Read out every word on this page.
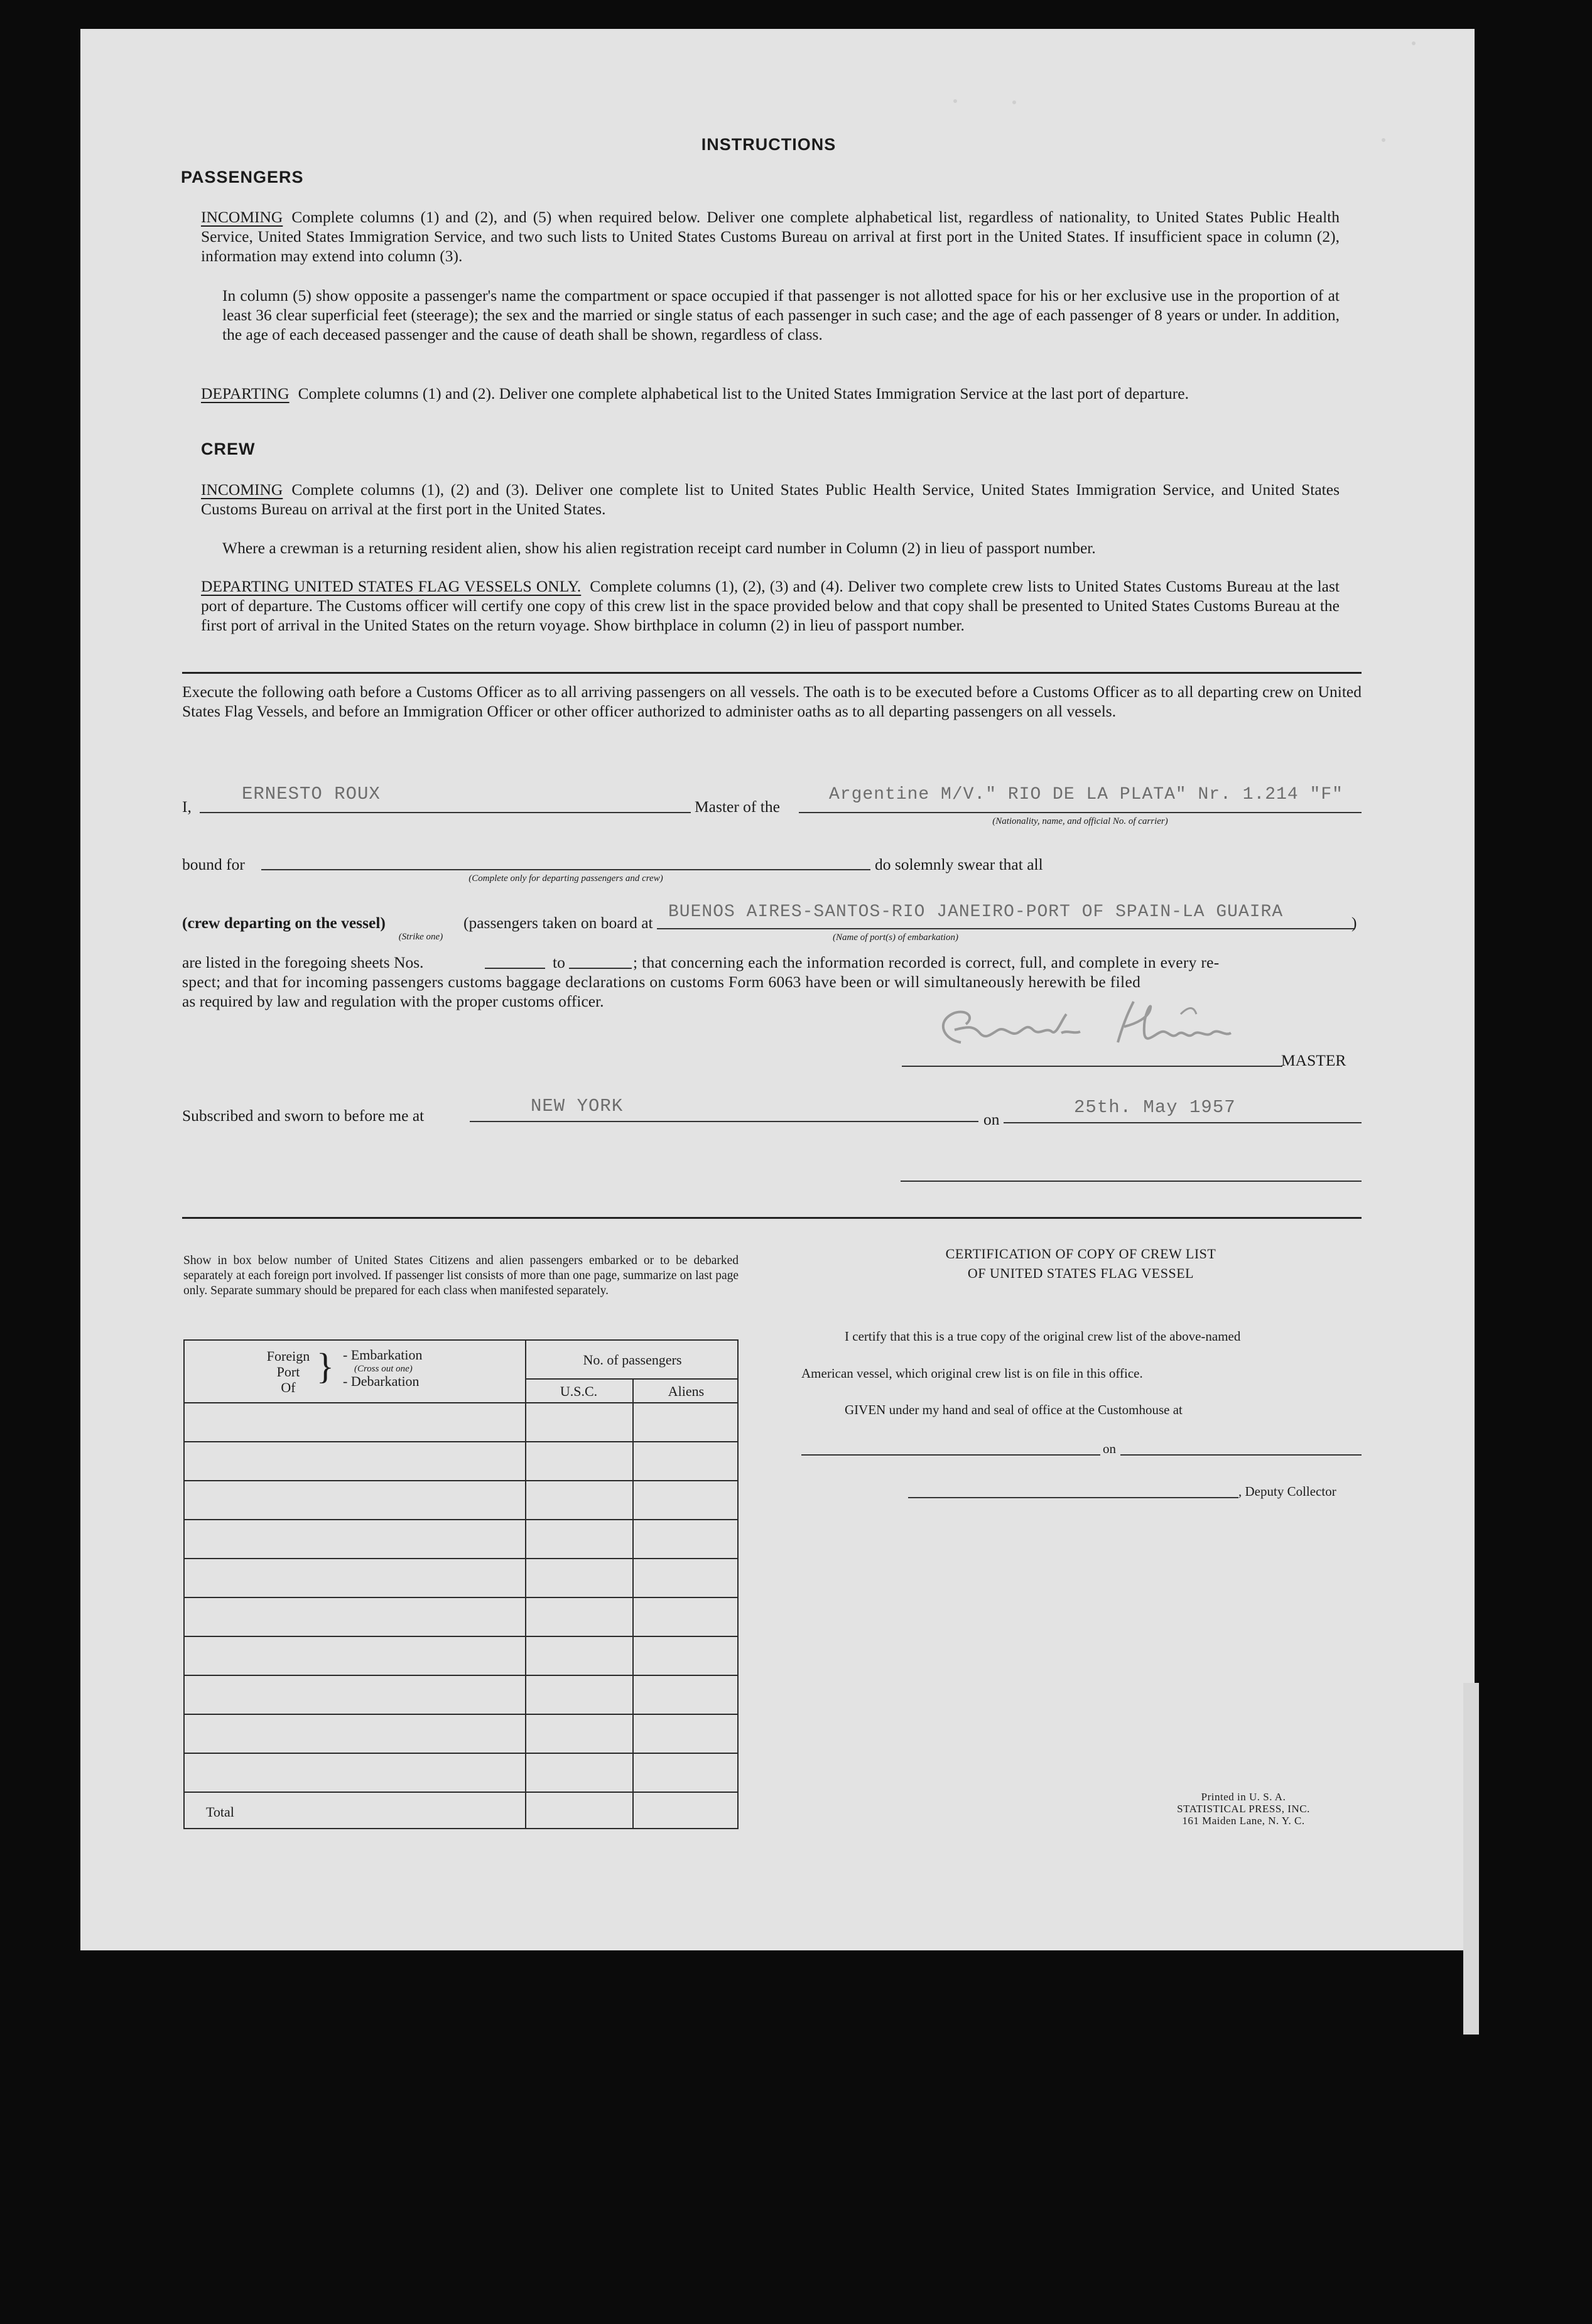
INSTRUCTIONS
PASSENGERS
INCOMING Complete columns (1) and (2), and (5) when required below. Deliver one complete alphabetical list, regardless of nationality, to United States Public Health Service, United States Immigration Service, and two such lists to United States Customs Bureau on arrival at first port in the United States. If insufficient space in column (2), information may extend into column (3).
In column (5) show opposite a passenger's name the compartment or space occupied if that passenger is not allotted space for his or her exclusive use in the proportion of at least 36 clear superficial feet (steerage); the sex and the married or single status of each passenger in such case; and the age of each passenger of 8 years or under. In addition, the age of each deceased passenger and the cause of death shall be shown, regardless of class.
DEPARTING Complete columns (1) and (2). Deliver one complete alphabetical list to the United States Immigration Service at the last port of departure.
CREW
INCOMING Complete columns (1), (2) and (3). Deliver one complete list to United States Public Health Service, United States Immigration Service, and United States Customs Bureau on arrival at the first port in the United States.
Where a crewman is a returning resident alien, show his alien registration receipt card number in Column (2) in lieu of passport number.
DEPARTING UNITED STATES FLAG VESSELS ONLY. Complete columns (1), (2), (3) and (4). Deliver two complete crew lists to United States Customs Bureau at the last port of departure. The Customs officer will certify one copy of this crew list in the space provided below and that copy shall be presented to United States Customs Bureau at the first port of arrival in the United States on the return voyage. Show birthplace in column (2) in lieu of passport number.
Execute the following oath before a Customs Officer as to all arriving passengers on all vessels. The oath is to be executed before a Customs Officer as to all departing crew on United States Flag Vessels, and before an Immigration Officer or other officer authorized to administer oaths as to all departing passengers on all vessels.
I,
ERNESTO ROUX
Master of the
Argentine M/V." RIO DE LA PLATA" Nr. 1.214 "F"
(Nationality, name, and official No. of carrier)
bound for
(Complete only for departing passengers and crew)
do solemnly swear that all
(crew departing on the vessel)
(Strike one)
(passengers taken on board at
BUENOS AIRES-SANTOS-RIO JANEIRO-PORT OF SPAIN-LA GUAIRA
(Name of port(s) of embarkation)
)
are listed in the foregoing sheets Nos.	to	; that concerning each the information recorded is correct, full, and complete in every re-
spect; and that for incoming passengers customs baggage declarations on customs Form 6063 have been or will simultaneously herewith be filed
as required by law and regulation with the proper customs officer.
MASTER
Subscribed and sworn to before me at	NEW YORK
on
25th. May 1957
Show in box below number of United States Citizens and alien passengers embarked or to be debarked separately at each foreign port involved. If passenger list consists of more than one page, summarize on last page only. Separate summary should be prepared for each class when manifested separately.
Foreign
Port
Of
} - Embarkation
(Cross out one)
- Debarkation
No. of passengers
U.S.C.	Aliens
Total
CERTIFICATION OF COPY OF CREW LIST
OF UNITED STATES FLAG VESSEL
I certify that this is a true copy of the original crew list of the above-named
American vessel, which original crew list is on file in this office.
GIVEN under my hand and seal of office at the Customhouse at
on
, Deputy Collector
Printed in U. S. A.
STATISTICAL PRESS, INC.
161 Maiden Lane, N. Y. C.
